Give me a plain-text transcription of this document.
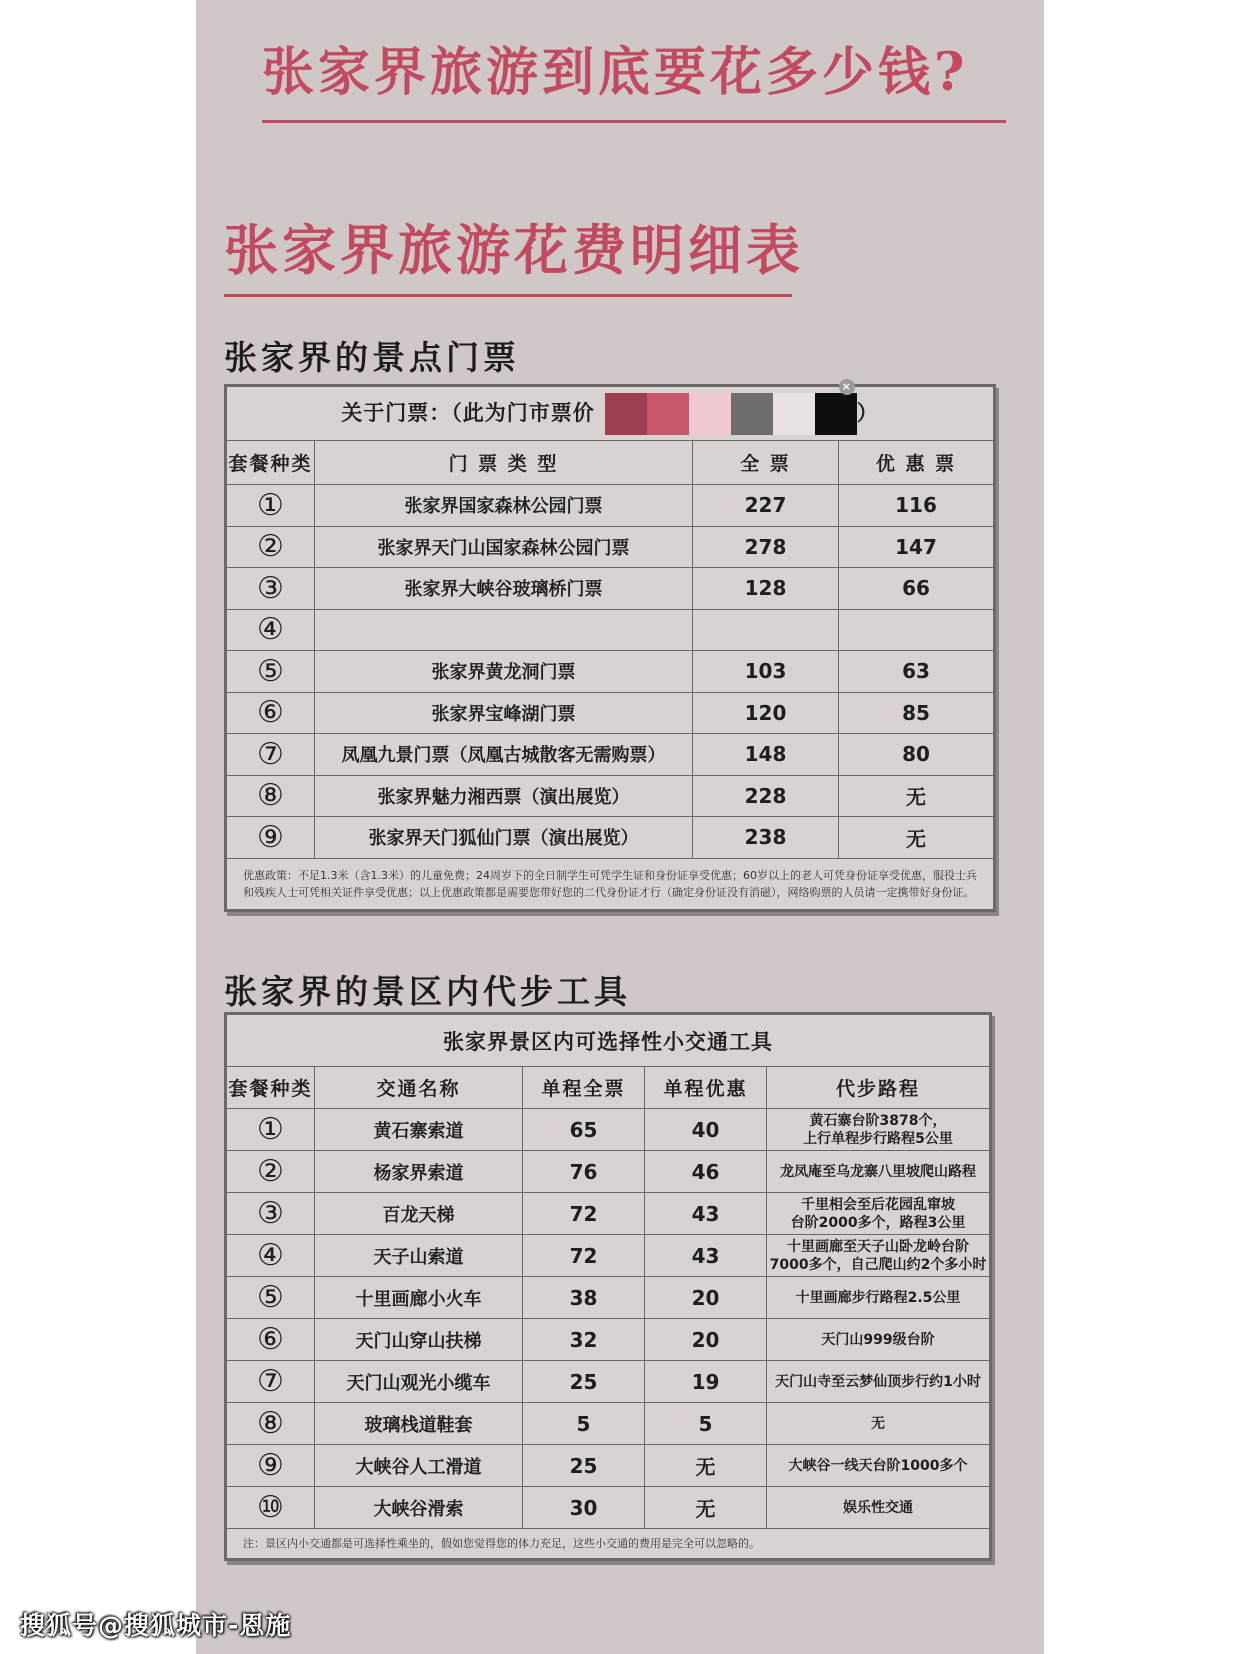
张家界旅游到底要花多少钱?
张家界旅游花费明细表
张家界的景点门票
关于门票：（此为门市票价
×
）			
套餐种类	门 票 类 型	全 票	优 惠 票
①	张家界国家森林公园门票	227	116
②	张家界天门山国家森林公园门票	278	147
③	张家界大峡谷玻璃桥门票	128	66
④			
⑤	张家界黄龙洞门票	103	63
⑥	张家界宝峰湖门票	120	85
⑦	凤凰九景门票（凤凰古城散客无需购票）	148	80
⑧	张家界魅力湘西票（演出展览）	228	无
⑨	张家界天门狐仙门票（演出展览）	238	无
优惠政策：不足1.3米（含1.3米）的儿童免费；24周岁下的全日制学生可凭学生证和身份证享受优惠；60岁以上的老人可凭身份证享受优惠，服役士兵和残疾人士可凭相关证件享受优惠；以上优惠政策都是需要您带好您的二代身份证才行（确定身份证没有消磁），网络购票的人员请一定携带好身份证。			
张家界的景区内代步工具
张家界景区内可选择性小交通工具				
套餐种类	交通名称	单程全票	单程优惠	代步路程
①	黄石寨索道	65	40	黄石寨台阶3878个，
上行单程步行路程5公里
②	杨家界索道	76	46	龙凤庵至乌龙寨八里坡爬山路程
③	百龙天梯	72	43	千里相会至后花园乱窜坡
台阶2000多个，路程3公里
④	天子山索道	72	43	十里画廊至天子山卧龙岭台阶
7000多个，自己爬山约2个多小时
⑤	十里画廊小火车	38	20	十里画廊步行路程2.5公里
⑥	天门山穿山扶梯	32	20	天门山999级台阶
⑦	天门山观光小缆车	25	19	天门山寺至云梦仙顶步行约1小时
⑧	玻璃栈道鞋套	5	5	无
⑨	大峡谷人工滑道	25	无	大峡谷一线天台阶1000多个
⑩	大峡谷滑索	30	无	娱乐性交通
注：景区内小交通都是可选择性乘坐的，假如您觉得您的体力充足，这些小交通的费用是完全可以忽略的。				
搜狐号@搜狐城市-恩施
